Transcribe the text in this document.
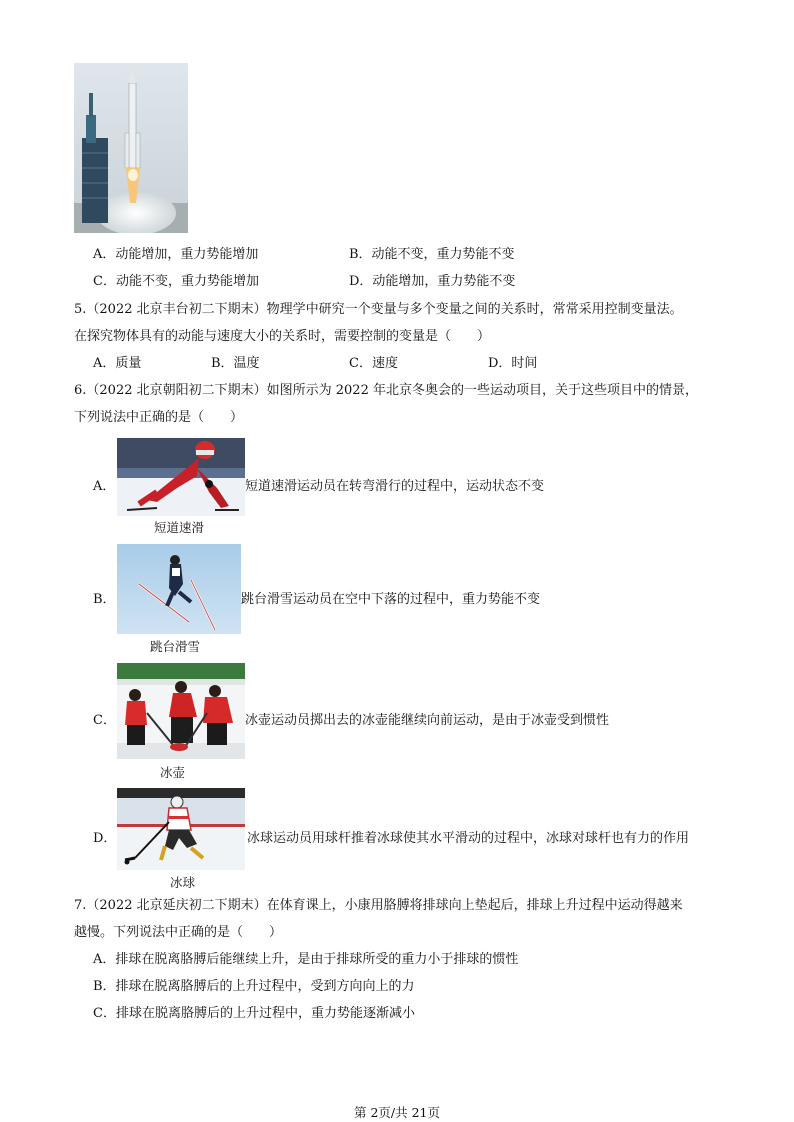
A．动能增加，重力势能增加	B．动能不变，重力势能不变
C．动能不变，重力势能增加	D．动能增加，重力势能不变
5.（2022 北京丰台初二下期末）物理学中研究一个变量与多个变量之间的关系时，常常采用控制变量法。
在探究物体具有的动能与速度大小的关系时，需要控制的变量是（　　）
A．质量	B．温度	C．速度	D．时间
6.（2022 北京朝阳初二下期末）如图所示为 2022 年北京冬奥会的一些运动项目，关于这些项目中的情景，
下列说法中正确的是（　　）
A．
短道速滑
短道速滑运动员在转弯滑行的过程中，运动状态不变
B．
跳台滑雪
跳台滑雪运动员在空中下落的过程中，重力势能不变
C．
冰壶
冰壶运动员掷出去的冰壶能继续向前运动，是由于冰壶受到惯性
D．
冰球
冰球运动员用球杆推着冰球使其水平滑动的过程中，冰球对球杆也有力的作用
7.（2022 北京延庆初二下期末）在体育课上，小康用胳膊将排球向上垫起后，排球上升过程中运动得越来
越慢。下列说法中正确的是（　　）
A．排球在脱离胳膊后能继续上升，是由于排球所受的重力小于排球的惯性
B．排球在脱离胳膊后的上升过程中，受到方向向上的力
C．排球在脱离胳膊后的上升过程中，重力势能逐渐减小
第 2页/共 21页
